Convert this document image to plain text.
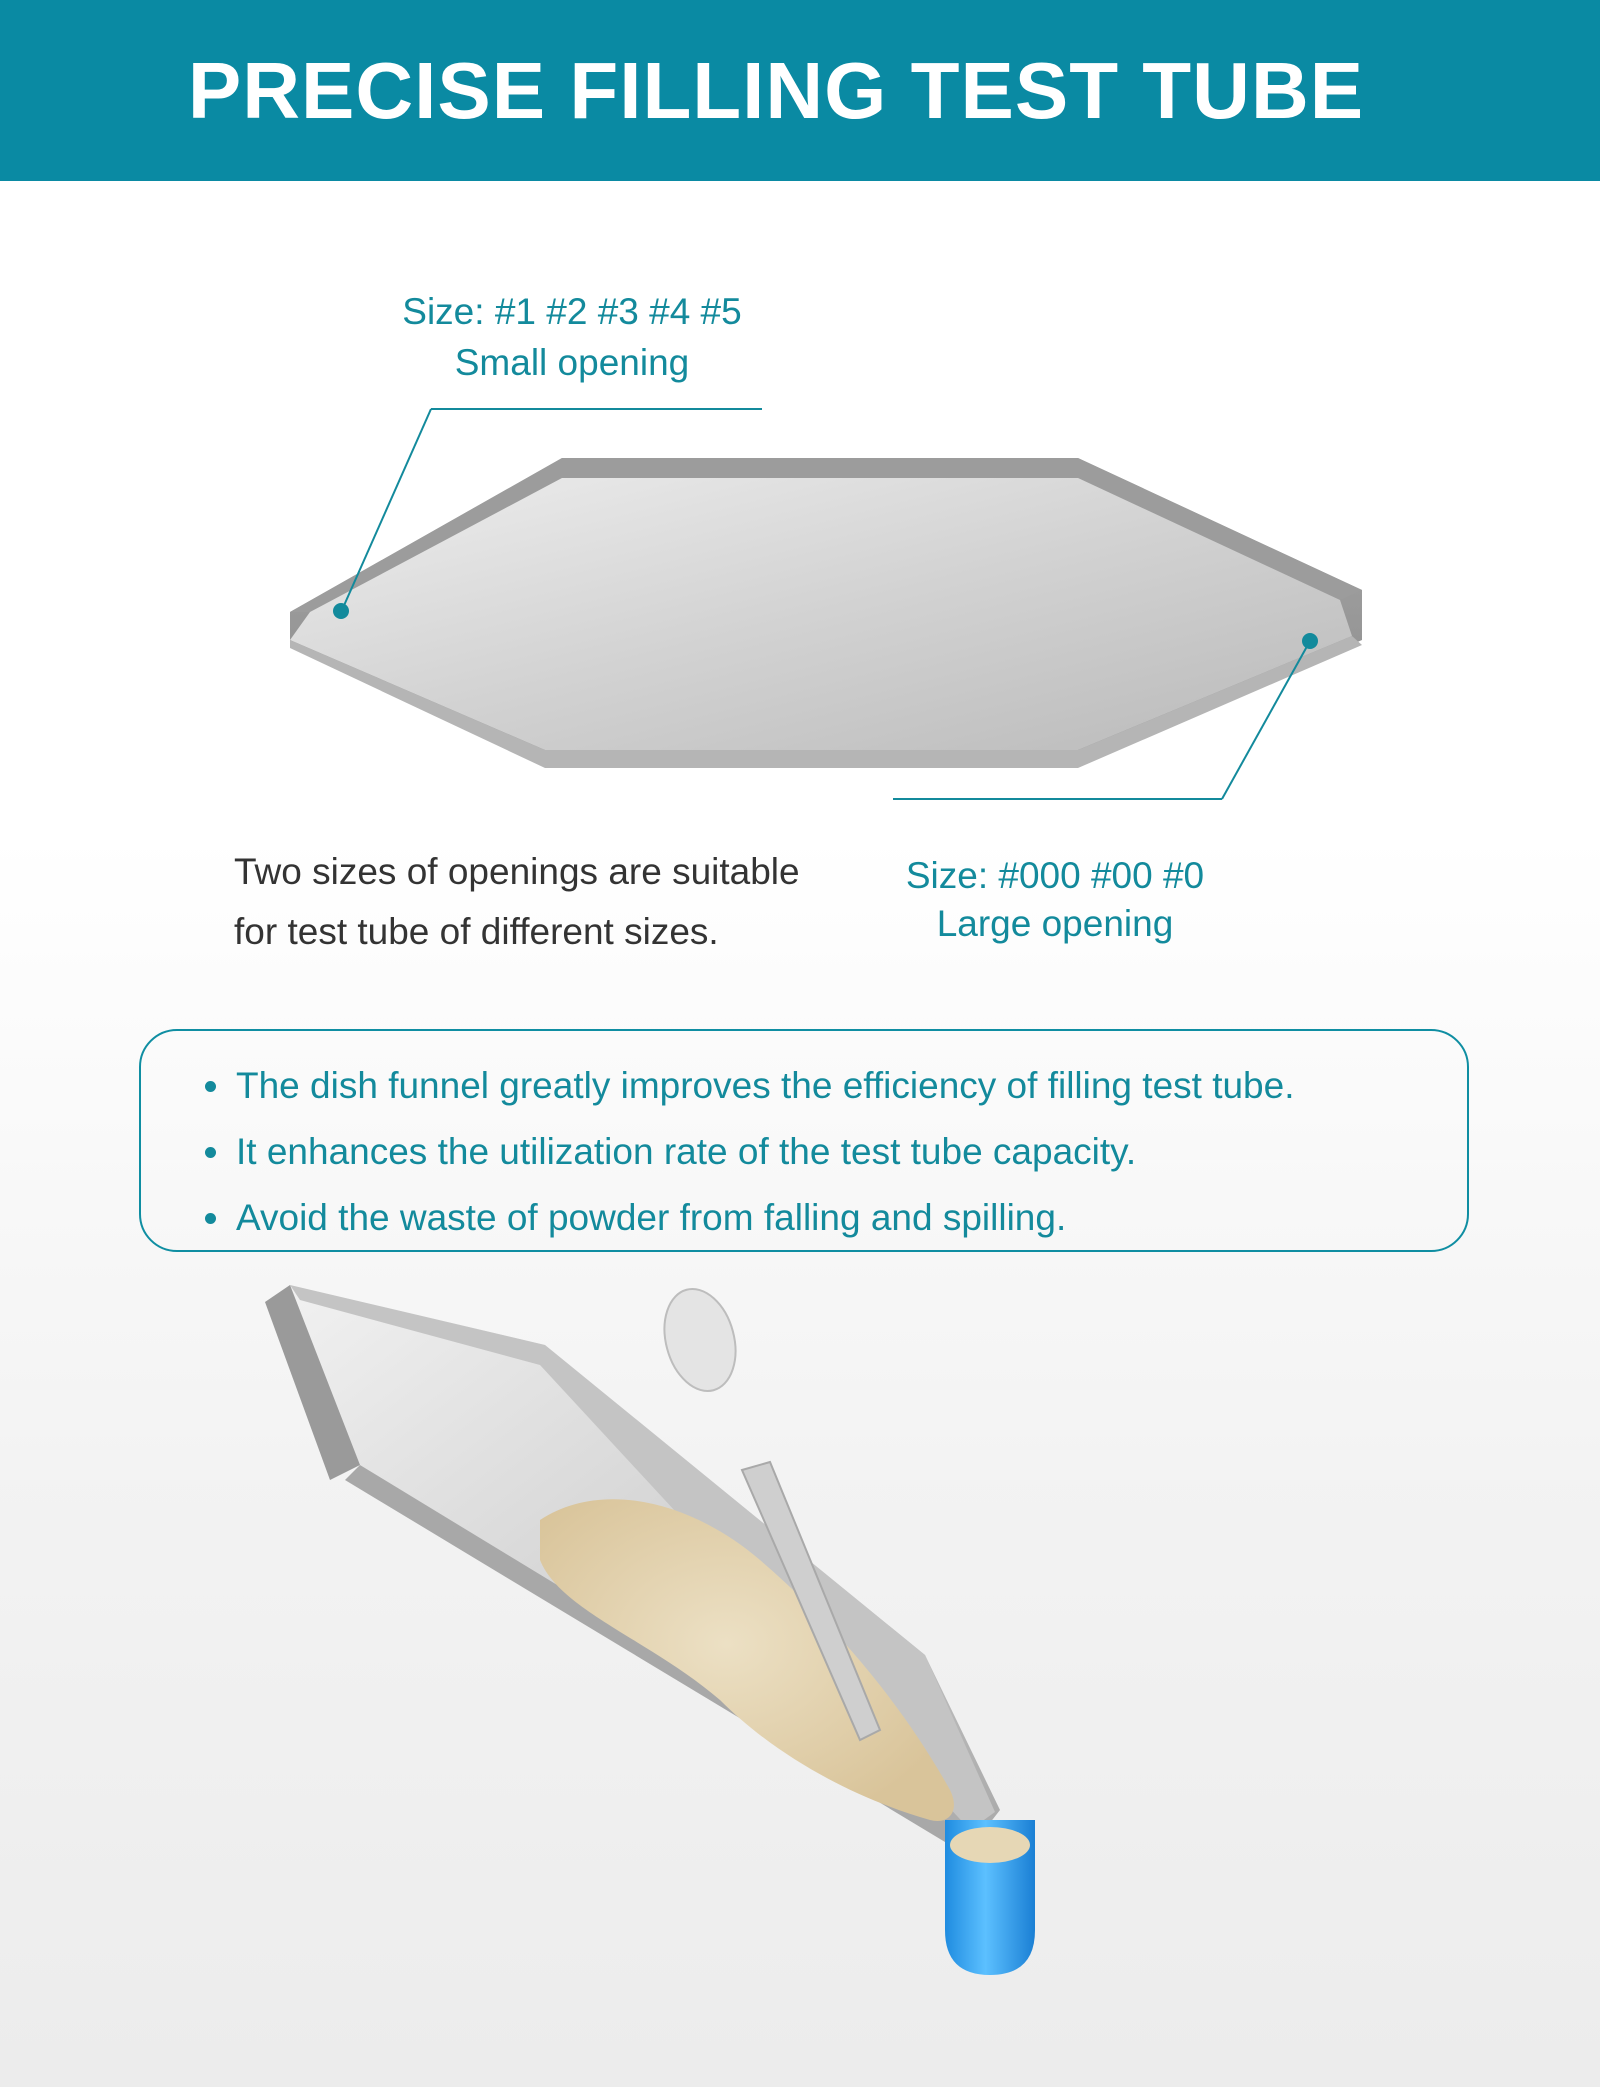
PRECISE FILLING TEST TUBE
Size: #1 #2 #3 #4 #5
Small opening
Two sizes of openings are suitable
for test tube of different sizes.
Size: #000 #00 #0
Large opening
The dish funnel greatly improves the efficiency of filling test tube.
It enhances the utilization rate of the test tube capacity.
Avoid the waste of powder from falling and spilling.
